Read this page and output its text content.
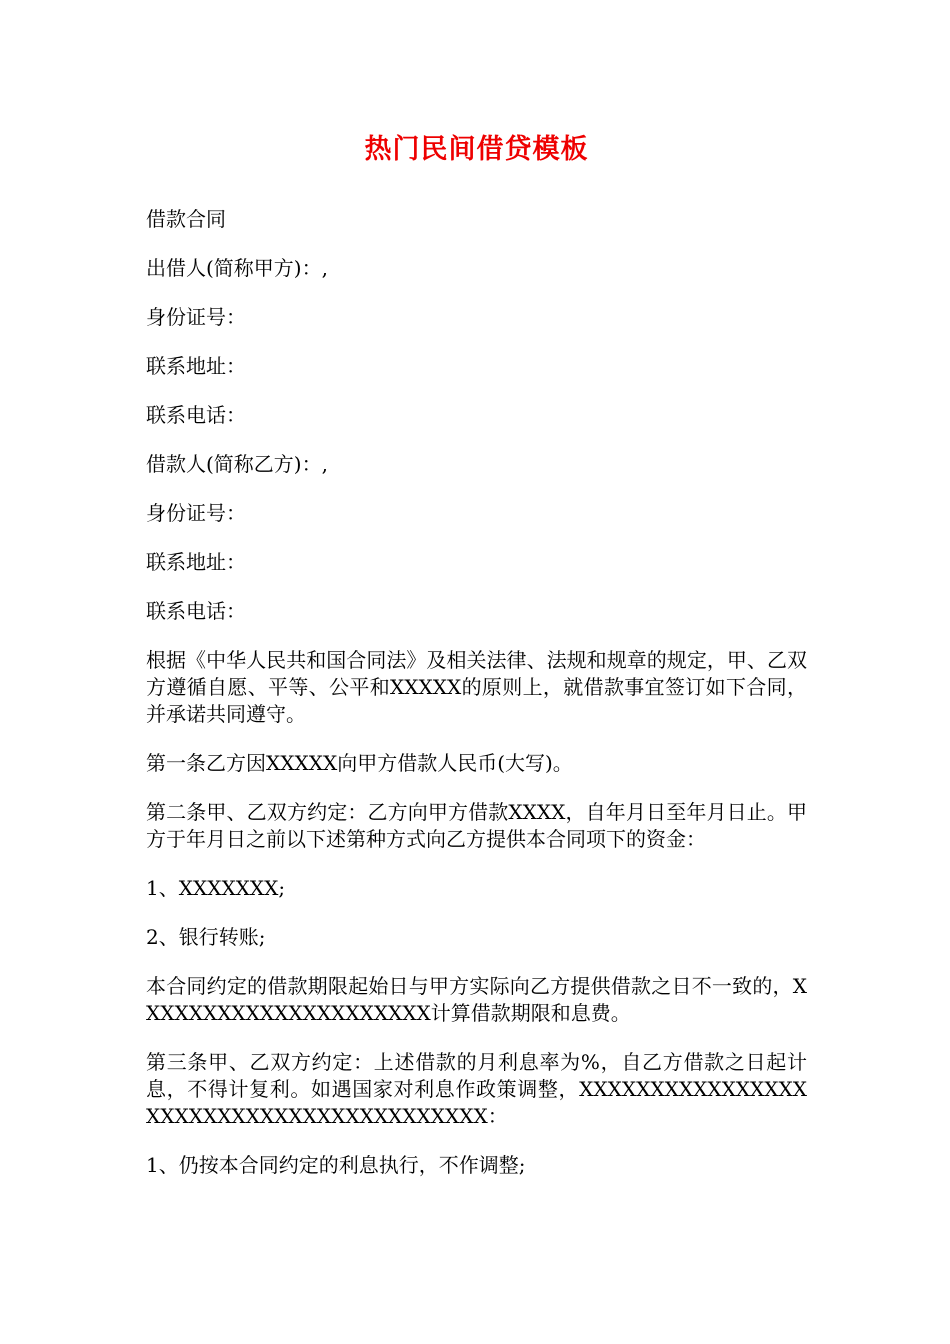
热门民间借贷模板

借款合同

出借人(简称甲方)：,

身份证号：

联系地址：

联系电话：

借款人(简称乙方)：,

身份证号：

联系地址：

联系电话：

根据《中华人民共和国合同法》及相关法律、法规和规章的规定，甲、乙双方遵循自愿、平等、公平和XXXXX的原则上，就借款事宜签订如下合同，并承诺共同遵守。

第一条乙方因XXXXX向甲方借款人民币(大写)。

第二条甲、乙双方约定：乙方向甲方借款XXXX，自年月日至年月日止。甲方于年月日之前以下述第种方式向乙方提供本合同项下的资金：

1、XXXXXXX;

2、银行转账;

本合同约定的借款期限起始日与甲方实际向乙方提供借款之日不一致的，XXXXXXXXXXXXXXXXXXXXX计算借款期限和息费。

第三条甲、乙双方约定：上述借款的月利息率为%，自乙方借款之日起计息，不得计复利。如遇国家对利息作政策调整，XXXXXXXXXXXXXXXXXXXXXXXXXXXXXXXXXXXXXXXX：

1、仍按本合同约定的利息执行，不作调整;
